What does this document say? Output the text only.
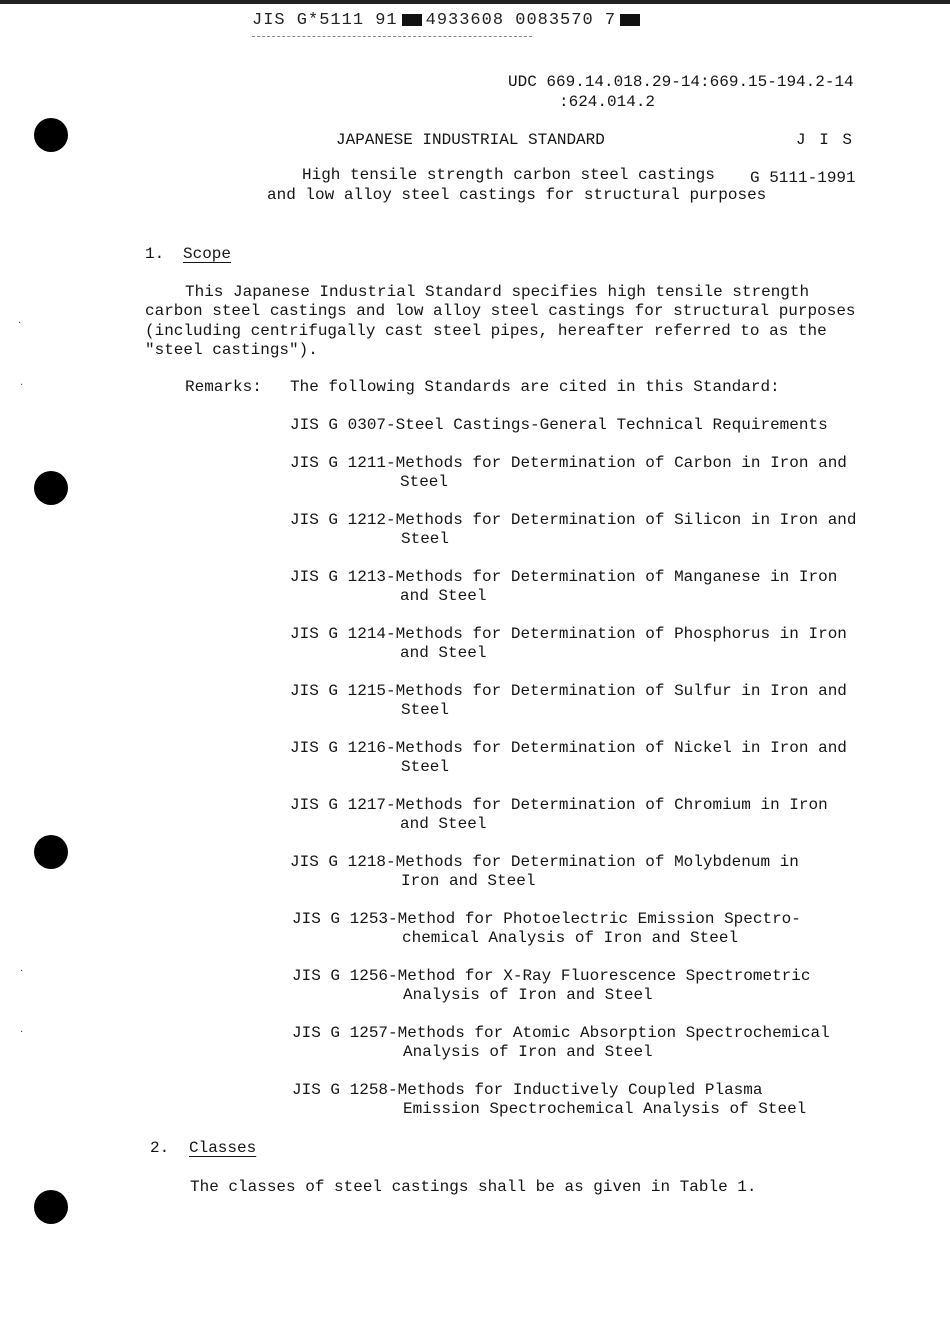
JIS G*5111 91 4933608 0083570 7
·
·
·
·
UDC 669.14.018.29-14:669.15-194.2-14
:624.014.2
JAPANESE INDUSTRIAL STANDARD	J I S
High tensile strength carbon steel castings G 5111-1991
and low alloy steel castings for structural purposes
1. Scope
This Japanese Industrial Standard specifies high tensile strength
carbon steel castings and low alloy steel castings for structural purposes
(including centrifugally cast steel pipes, hereafter referred to as the
"steel castings").
Remarks: The following Standards are cited in this Standard:
JIS G 0307-Steel Castings-General Technical Requirements
JIS G 1211-Methods for Determination of Carbon in Iron and
Steel
JIS G 1212-Methods for Determination of Silicon in Iron and
Steel
JIS G 1213-Methods for Determination of Manganese in Iron
and Steel
JIS G 1214-Methods for Determination of Phosphorus in Iron
and Steel
JIS G 1215-Methods for Determination of Sulfur in Iron and
Steel
JIS G 1216-Methods for Determination of Nickel in Iron and
Steel
JIS G 1217-Methods for Determination of Chromium in Iron
and Steel
JIS G 1218-Methods for Determination of Molybdenum in
Iron and Steel
JIS G 1253-Method for Photoelectric Emission Spectro-
chemical Analysis of Iron and Steel
JIS G 1256-Method for X-Ray Fluorescence Spectrometric
Analysis of Iron and Steel
JIS G 1257-Methods for Atomic Absorption Spectrochemical
Analysis of Iron and Steel
JIS G 1258-Methods for Inductively Coupled Plasma
Emission Spectrochemical Analysis of Steel
2. Classes
The classes of steel castings shall be as given in Table 1.
